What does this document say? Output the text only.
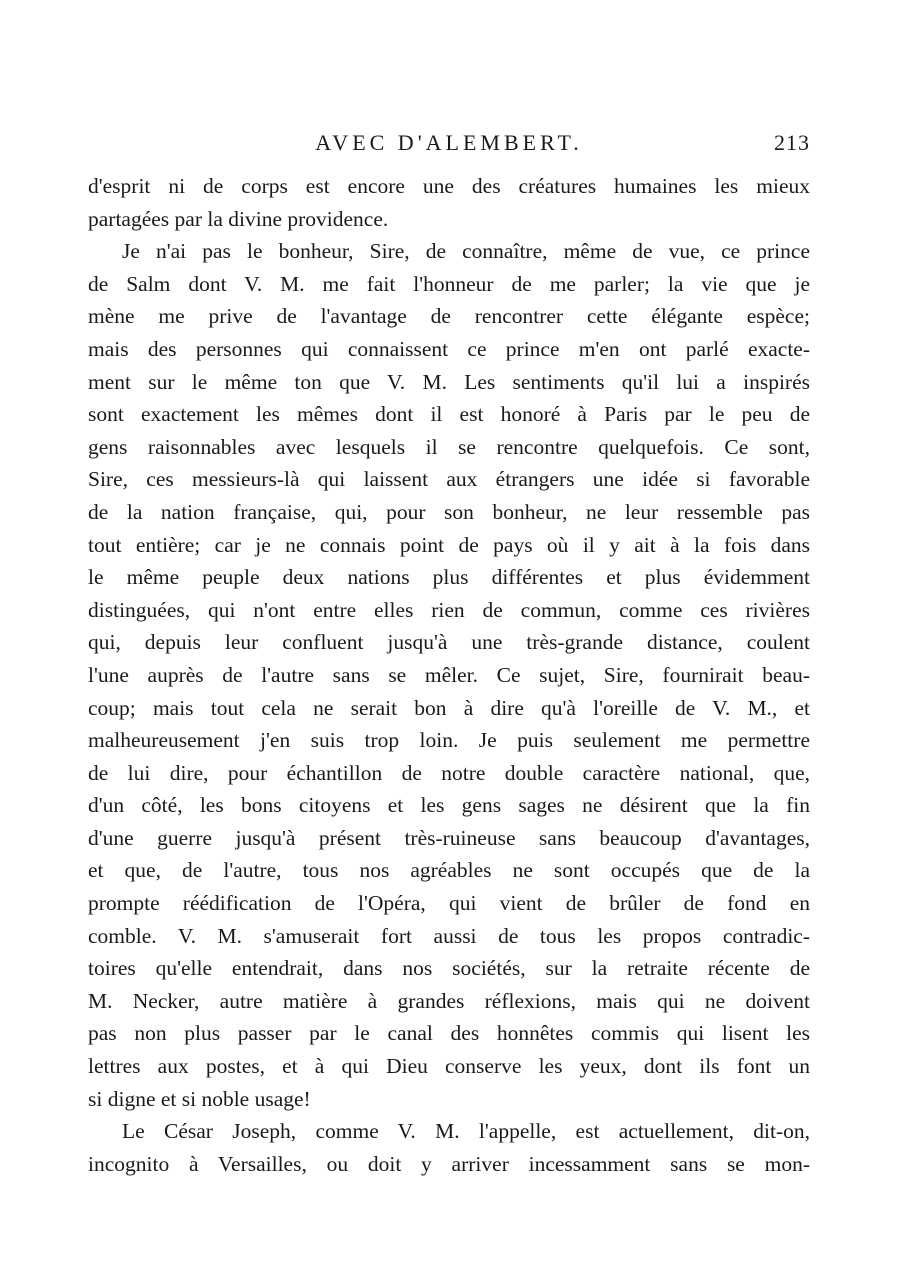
AVEC D'ALEMBERT.	213
d'esprit ni de corps est encore une des créatures humaines les mieux
partagées par la divine providence.
Je n'ai pas le bonheur, Sire, de connaître, même de vue, ce prince
de Salm dont V. M. me fait l'honneur de me parler; la vie que je
mène me prive de l'avantage de rencontrer cette élégante espèce;
mais des personnes qui connaissent ce prince m'en ont parlé exacte-
ment sur le même ton que V. M. Les sentiments qu'il lui a inspirés
sont exactement les mêmes dont il est honoré à Paris par le peu de
gens raisonnables avec lesquels il se rencontre quelquefois. Ce sont,
Sire, ces messieurs-là qui laissent aux étrangers une idée si favorable
de la nation française, qui, pour son bonheur, ne leur ressemble pas
tout entière; car je ne connais point de pays où il y ait à la fois dans
le même peuple deux nations plus différentes et plus évidemment
distinguées, qui n'ont entre elles rien de commun, comme ces rivières
qui, depuis leur confluent jusqu'à une très-grande distance, coulent
l'une auprès de l'autre sans se mêler. Ce sujet, Sire, fournirait beau-
coup; mais tout cela ne serait bon à dire qu'à l'oreille de V. M., et
malheureusement j'en suis trop loin. Je puis seulement me permettre
de lui dire, pour échantillon de notre double caractère national, que,
d'un côté, les bons citoyens et les gens sages ne désirent que la fin
d'une guerre jusqu'à présent très-ruineuse sans beaucoup d'avantages,
et que, de l'autre, tous nos agréables ne sont occupés que de la
prompte réédification de l'Opéra, qui vient de brûler de fond en
comble. V. M. s'amuserait fort aussi de tous les propos contradic-
toires qu'elle entendrait, dans nos sociétés, sur la retraite récente de
M. Necker, autre matière à grandes réflexions, mais qui ne doivent
pas non plus passer par le canal des honnêtes commis qui lisent les
lettres aux postes, et à qui Dieu conserve les yeux, dont ils font un
si digne et si noble usage!
Le César Joseph, comme V. M. l'appelle, est actuellement, dit-on,
incognito à Versailles, ou doit y arriver incessamment sans se mon-
